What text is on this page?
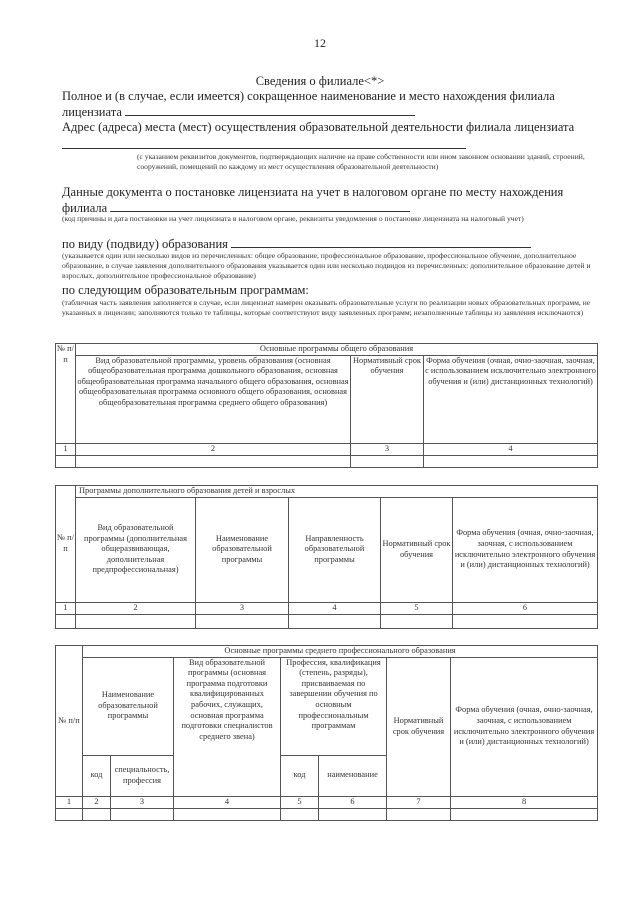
12
Сведения о филиале<*>
Полное и (в случае, если имеется) сокращенное наименование и место нахождения филиала
лицензиата
Адрес (адреса) места (мест) осуществления образовательной деятельности филиала лицензиата
(с указанием реквизитов документов, подтверждающих наличие на праве собственности или ином законном основании зданий, строений, сооружений, помещений по каждому из мест осуществления образовательной деятельности)
Данные документа о постановке лицензиата на учет в налоговом органе по месту нахождения
филиала
(код причины и дата постановки на учет лицензиата в налоговом органе, реквизиты уведомления о постановке лицензиата на налоговый учет)
по виду (подвиду) образования
(указывается один или несколько видов из перечисленных: общее образование, профессиональное образование, профессиональное обучение, дополнительное образование, в случае заявления дополнительного образования указывается один или несколько подвидов из перечисленных: дополнительное образование детей и взрослых, дополнительное профессиональное образование)
по следующим образовательным программам:
(табличная часть заявления заполняется в случае, если лицензиат намерен оказывать образовательные услуги по реализации новых образовательных программ, не указанных в лицензии; заполняются только те таблицы, которые соответствуют виду заявленных программ; незаполненные таблицы из заявления исключаются)
№ п/п	Основные программы общего образования		
	Вид образовательной программы, уровень образования (основная общеобразовательная программа дошкольного образования, основная общеобразовательная программа начального общего образования, основная общеобразовательная программа основного общего образования, основная общеобразовательная программа среднего общего образования)	Нормативный срок обучения	Форма обучения (очная, очно-заочная, заочная, с использованием исключительно электронного обучения и (или) дистанционных технологий)
1	2	3	4

№ п/п	Программы дополнительного образования детей и взрослых				
	Вид образовательной программы (дополнительная общеразвивающая, дополнительная предпрофессиональная)	Наименование образовательной программы	Направленность образовательной программы	Нормативный срок обучения	Форма обучения (очная, очно-заочная, заочная, с использованием исключительно электронного обучения и (или) дистанционных технологий)
1	2	3	4	5	6

№ п/п	Основные программы среднего профессионального образования						
	Наименование образовательной программы		Вид образовательной программы (основная программа подготовки квалифицированных рабочих, служащих, основная программа подготовки специалистов среднего звена)	Профессия, квалификация (степень, разряды), присваиваемая по завершении обучения по основным профессиональным программам		Нормативный срок обучения	Форма обучения (очная, очно-заочная, заочная, с использованием исключительно электронного обучения и (или) дистанционных технологий)
	код	специальность, профессия		код	наименование		
1	2	3	4	5	6	7	8
